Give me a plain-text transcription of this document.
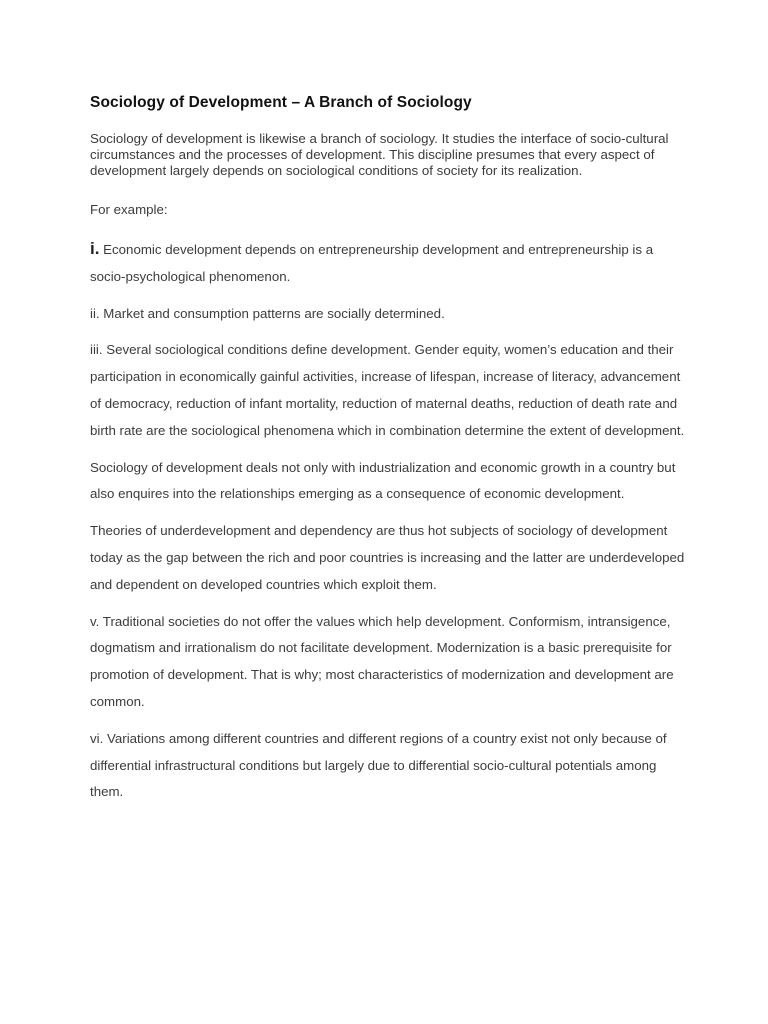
Sociology of Development – A Branch of Sociology

Sociology of development is likewise a branch of sociology. It studies the interface of socio-cultural circumstances and the processes of development. This discipline presumes that every aspect of development largely depends on sociological conditions of society for its realization.

For example:

i. Economic development depends on entrepreneurship development and entrepreneurship is a socio-psychological phenomenon.

ii. Market and consumption patterns are socially determined.

iii. Several sociological conditions define development. Gender equity, women’s education and their participation in economically gainful activities, increase of lifespan, increase of literacy, advancement of democracy, reduction of infant mortality, reduction of maternal deaths, reduction of death rate and birth rate are the sociological phenomena which in combination determine the extent of development.

Sociology of development deals not only with industrialization and economic growth in a country but also enquires into the relationships emerging as a consequence of economic development.

Theories of underdevelopment and dependency are thus hot subjects of sociology of development today as the gap between the rich and poor countries is increasing and the latter are underdeveloped and dependent on developed countries which exploit them.

v. Traditional societies do not offer the values which help development. Conformism, intransigence, dogmatism and irrationalism do not facilitate development. Modernization is a basic prerequisite for promotion of development. That is why; most characteristics of modernization and development are common.

vi. Variations among different countries and different regions of a country exist not only because of differential infrastructural conditions but largely due to differential socio-cultural potentials among them.
